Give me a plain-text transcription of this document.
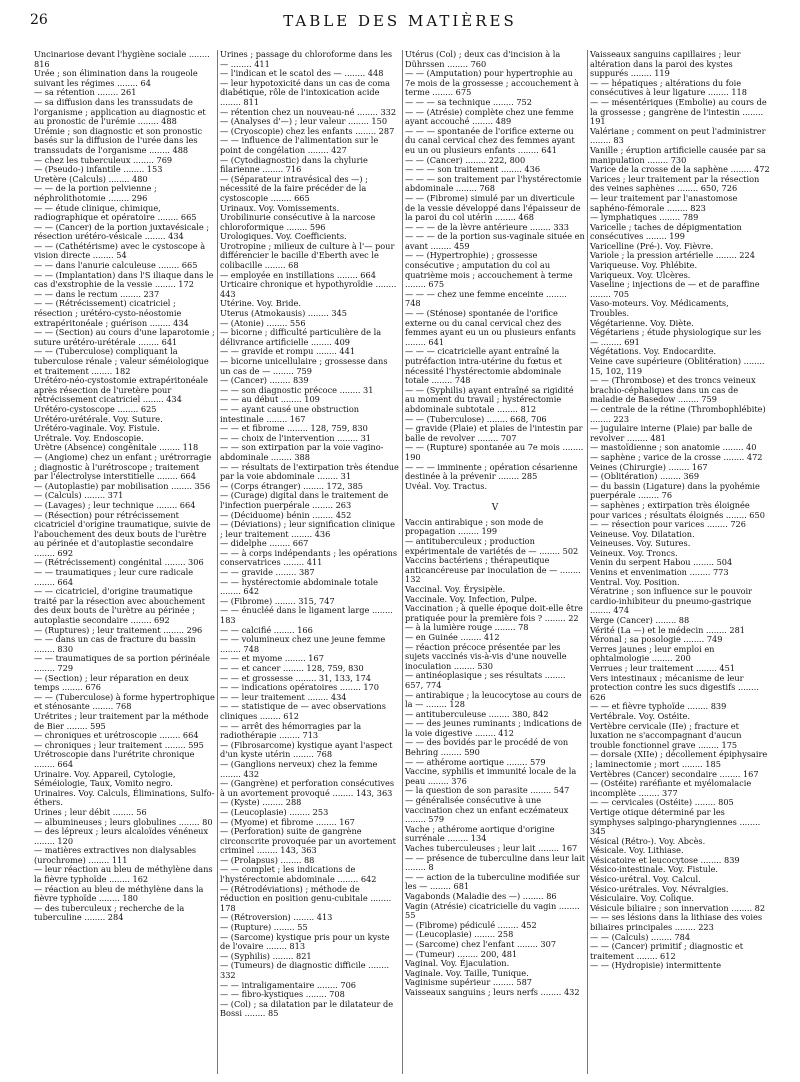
26	TABLE DES MATIÈRES
Uncinariose devant l'hygiène sociale ........ 816
Urée ; son élimination dans la rougeole suivant les régimes ........ 64
— sa rétention ........ 261
— sa diffusion dans les transsudats de l'organisme ; application au diagnostic et au pronostic de l'urémie ........ 488
Urémie ; son diagnostic et son pronostic basés sur la diffusion de l'urée dans les transsudats de l'organisme ........ 488
— chez les tuberculeux ........ 769
— (Pseudo-) infantile ........ 153
Uretère (Calculs) ........ 480
— — de la portion pelvienne ; néphrolithotomie ........ 296
— — étude clinique, chimique, radiographique et opératoire ........ 665
— — (Cancer) de la portion juxtavésicale ; résection urétéro-vésicale ........ 434
— — (Cathétérisme) avec le cystoscope à vision directe ........ 54
— — dans l'anurie calculeuse ........ 665
— — (Implantation) dans l'S iliaque dans le cas d'exstrophie de la vessie ........ 172
— — dans le rectum ........ 237
— — (Rétrécissement) cicatriciel ; résection ; urétéro-cysto-néostomie extrapéritonéale ; guérison ........ 434
— — (Section) au cours d'une laparotomie ; suture urétéro-urétérale ........ 641
— — (Tuberculose) compliquant la tuberculose rénale ; valeur séméiologique et traitement ........ 182
Urétéro-néo-cystostomie extrapéritonéale après résection de l'uretère pour rétrécissement cicatriciel ........ 434
Urétéro-cystoscope ........ 625
Urétéro-urétérale. Voy. Suture.
Urétéro-vaginale. Voy. Fistule.
Urétrale. Voy. Endoscopie.
Urètre (Absence) congénitale ........ 118
— (Angiome) chez un enfant ; urétrorragie ; diagnostic à l'urétroscope ; traitement par l'électrolyse interstitielle ........ 664
— (Autoplastie) par mobilisation ........ 356
— (Calculs) ........ 371
— (Lavages) ; leur technique ........ 664
— (Résection) pour rétrécissement cicatriciel d'origine traumatique, suivie de l'abouchement des deux bouts de l'urètre au périnée et d'autoplastie secondaire ........ 692
— (Rétrécissement) congénital ........ 306
— — traumatiques ; leur cure radicale ........ 664
— — cicatriciel, d'origine traumatique traité par la résection avec abouchement des deux bouts de l'urètre au périnée ; autoplastie secondaire ........ 692
— (Ruptures) ; leur traitement ........ 296
— — dans un cas de fracture du bassin ........ 830
— — traumatiques de sa portion périnéale ........ 729
— (Section) ; leur réparation en deux temps ........ 676
— — (Tuberculose) à forme hypertrophique et sténosante ........ 768
Urétrites ; leur traitement par la méthode de Bier ........ 595
— chroniques et urétroscopie ........ 664
— chroniques ; leur traitement ........ 595
Urétroscopie dans l'urétrite chronique ........ 664
Urinaire. Voy. Appareil, Cytologie, Séméiologie, Taux, Vomito negro.
Urinaires. Voy. Calculs, Éliminations, Sulfo-éthers.
Urines ; leur débit ........ 56
— albumineuses ; leurs globulines ........ 80
— des lépreux ; leurs alcaloïdes vénéneux ........ 120
— matières extractives non dialysables (urochrome) ........ 111
— leur réaction au bleu de méthylène dans la fièvre typhoïde ........ 162
— réaction au bleu de méthylène dans la fièvre typhoïde ........ 180
— des tuberculeux ; recherche de la tuberculine ........ 284
Urines ; passage du chloroforme dans les — ........ 411
— l'indican et le scatol des — ........ 448
— leur hypotoxicité dans un cas de coma diabétique, rôle de l'intoxication acide ........ 811
— rétention chez un nouveau-né ........ 332
— (Analyses d'—) ; leur valeur ........ 150
— (Cryoscopie) chez les enfants ........ 287
— — influence de l'alimentation sur le point de congélation ........ 427
— (Cytodiagnostic) dans la chylurie filarienne ........ 716
— (Séparateur intravésical des —) ; nécessité de la faire précéder de la cystoscopie ........ 665
Urinaux. Voy. Vomissements.
Urobilinurie consécutive à la narcose chloroformique ........ 596
Urologiques. Voy. Coefficients.
Urotropine ; milieux de culture à l'— pour différencier le bacille d'Eberth avec le colibacille ........ 68
— employée en instillations ........ 664
Urticaire chronique et hypothyroïdie ........ 443
Utérine. Voy. Bride.
Uterus (Atmokausis) ........ 345
— (Atonie) ........ 556
— bicorne ; difficulté particulière de la délivrance artificielle ........ 409
— — gravide et rompu ........ 441
— bicorne unicellulaire ; grossesse dans un cas de — ........ 759
— (Cancer) ........ 839
— — son diagnostic précoce ........ 31
— — au début ........ 109
— — ayant causé une obstruction intestinale ........ 167
— — et fibrome ........ 128, 759, 830
— — choix de l'intervention ........ 31
— — son extirpation par la voie vagino-abdominale ........ 388
— — résultats de l'extirpation très étendue par la voie abdominale ........ 31
— (Corps étranger) ........ 172, 385
— (Curage) digital dans le traitement de l'infection puerpérale ........ 263
— (Déciduome) bénin ........ 452
— (Déviations) ; leur signification clinique ; leur traitement ........ 436
— didelphe ........ 667
— — à corps indépendants ; les opérations conservatrices ........ 411
— — gravide ........ 387
— — hystérectomie abdominale totale ........ 642
— (Fibrome) ........ 315, 747
— — énucléé dans le ligament large ........ 183
— — calcifié ........ 166
— — volumineux chez une jeune femme ........ 748
— — et myome ........ 167
— — et cancer ........ 128, 759, 830
— — et grossesse ........ 31, 133, 174
— — indications opératoires ........ 170
— — leur traitement ........ 434
— — statistique de — avec observations cliniques ........ 612
— — arrêt des hémorragies par la radiothérapie ........ 713
— (Fibrosarcome) kystique ayant l'aspect d'un kyste utérin ........ 768
— (Ganglions nerveux) chez la femme ........ 432
— (Gangrène) et perforation consécutives à un avortement provoqué ........ 143, 363
— (Kyste) ........ 288
— (Leucoplasie) ........ 253
— (Myome) et fibrome ........ 167
— (Perforation) suite de gangrène circonscrite provoquée par un avortement criminel ........ 143, 363
— (Prolapsus) ........ 88
— — complet ; les indications de l'hystérectomie abdominale ........ 642
— (Rétrodéviations) ; méthode de réduction en position genu-cubitale ........ 178
— (Rétroversion) ........ 413
— (Rupture) ........ 55
— (Sarcome) kystique pris pour un kyste de l'ovaire ........ 813
— (Syphilis) ........ 821
— (Tumeurs) de diagnostic difficile ........ 332
— — intraligamentaire ........ 706
— — fibro-kystiques ........ 708
— (Col) ; sa dilatation par le dilatateur de Bossi ........ 85
Utérus (Col) ; deux cas d'incision à la Dührssen ........ 760
— — (Amputation) pour hypertrophie au 7e mois de la grossesse ; accouchement à terme ........ 675
— — — sa technique ........ 752
— — (Atrésie) complète chez une femme ayant accouché ........ 489
— — — spontanée de l'orifice externe ou du canal cervical chez des femmes ayant eu un ou plusieurs enfants ........ 641
— — (Cancer) ........ 222, 800
— — — son traitement ........ 436
— — — son traitement par l'hystérectomie abdominale ........ 768
— — (Fibrome) simulé par un diverticule de la vessie développé dans l'épaisseur de la paroi du col utérin ........ 468
— — — de la lèvre antérieure ........ 333
— — — de la portion sus-vaginale située en avant ........ 459
— — (Hypertrophie) ; grossesse consécutive ; amputation du col au quatrième mois ; accouchement à terme ........ 675
— — — chez une femme enceinte ........ 748
— — (Sténose) spontanée de l'orifice externe ou du canal cervical chez des femmes ayant eu un ou plusieurs enfants ........ 641
— — — cicatricielle ayant entraîné la putréfaction intra-utérine du fœtus et nécessité l'hystérectomie abdominale totale ........ 748
— — (Syphilis) ayant entraîné sa rigidité au moment du travail ; hystérectomie abdominale subtotale ........ 812
— — (Tuberculose) ........ 668, 706
— gravide (Plaie) et plaies de l'intestin par balle de revolver ........ 707
— — (Rupture) spontanée au 7e mois ........ 190
— — — imminente ; opération césarienne destinée à la prévenir ........ 285
Uvéal. Voy. Tractus.
V
Vaccin antirabique ; son mode de propagation ........ 199
— antituberculeux ; production expérimentale de variétés de — ........ 502
Vaccins bactériens ; thérapeutique anticancéreuse par inoculation de — ........ 132
Vaccinal. Voy. Érysipèle.
Vaccinale. Voy. Infection, Pulpe.
Vaccination ; à quelle époque doit-elle être pratiquée pour la première fois ? ........ 22
— à la lumière rouge ........ 78
— en Guinée ........ 412
— réaction précoce présentée par les sujets vaccinés vis-à-vis d'une nouvelle inoculation ........ 530
— antinéoplasique ; ses résultats ........ 657, 774
— antirabique ; la leucocytose au cours de la — ........ 128
— antituberculeuse ........ 380, 842
— — des jeunes ruminants ; indications de la voie digestive ........ 412
— — des bovidés par le procédé de von Behring ........ 590
— — athérome aortique ........ 579
Vaccine, syphilis et immunité locale de la peau ........ 376
— la question de son parasite ........ 547
— généralisée consécutive à une vaccination chez un enfant eczémateux ........ 579
Vache ; athérome aortique d'origine surrénale ........ 134
Vaches tuberculeuses ; leur lait ........ 167
— — présence de tuberculine dans leur lait ........ 8
— — action de la tuberculine modifiée sur les — ........ 681
Vagabonds (Maladie des —) ........ 86
Vagin (Atrésie) cicatricielle du vagin ........ 55
— (Fibrome) pédiculé ........ 452
— (Leucoplasie) ........ 258
— (Sarcome) chez l'enfant ........ 307
— (Tumeur) ........ 200, 481
Vaginal. Voy. Éjaculation.
Vaginale. Voy. Taille, Tunique.
Vaginisme supérieur ........ 587
Vaisseaux sanguins ; leurs nerfs ........ 432
Vaisseaux sanguins capillaires ; leur altération dans la paroi des kystes suppurés ........ 119
— — hépatiques ; altérations du foie consécutives à leur ligature ........ 118
— — mésentériques (Embolie) au cours de la grossesse ; gangrène de l'intestin ........ 191
Valériane ; comment on peut l'administrer ........ 83
Vanille ; éruption artificielle causée par sa manipulation ........ 730
Varice de la crosse de la saphène ........ 472
Varices ; leur traitement par la résection des veines saphènes ........ 650, 726
— leur traitement par l'anastomose saphéno-fémorale ........ 823
— lymphatiques ........ 789
Varicelle ; taches de dépigmentation consécutives ........ 199
Varicelline (Pré-). Voy. Fièvre.
Variole ; la pression artérielle ........ 224
Variqueuse. Voy. Phlébite.
Variqueux. Voy. Ulcères.
Vaseline ; injections de — et de paraffine ........ 705
Vaso-moteurs. Voy. Médicaments, Troubles.
Végétarienne. Voy. Diète.
Végétariens ; étude physiologique sur les — ........ 691
Végétations. Voy. Endocardite.
Veine cave supérieure (Oblitération) ........ 15, 102, 119
— — (Thrombose) et des troncs veineux brachio-céphaliques dans un cas de maladie de Basedow ........ 759
— centrale de la rétine (Thrombophlébite) ........ 223
— jugulaire interne (Plaie) par balle de revolver ........ 481
— mastoïdienne ; son anatomie ........ 40
— saphène ; varice de la crosse ........ 472
Veines (Chirurgie) ........ 167
— (Oblitération) ........ 369
— du bassin (Ligature) dans la pyohémie puerpérale ........ 76
— saphènes ; extirpation très éloignée pour varices ; résultats éloignés ........ 650
— — résection pour varices ........ 726
Veineuse. Voy. Dilatation.
Veineuses. Voy. Sutures.
Veineux. Voy. Troncs.
Venin du serpent Habou ........ 504
Venins et envenimation ........ 773
Ventral. Voy. Position.
Vératrine ; son influence sur le pouvoir cardio-inhibiteur du pneumo-gastrique ........ 474
Verge (Cancer) ........ 88
Vérité (La —) et le médecin ........ 281
Véronal ; sa posologie ........ 749
Verres jaunes ; leur emploi en ophtalmologie ........ 200
Verrues ; leur traitement ........ 451
Vers intestinaux ; mécanisme de leur protection contre les sucs digestifs ........ 626
— — et fièvre typhoïde ........ 839
Vertébrale. Voy. Ostéite.
Vertèbre cervicale (IIe) ; fracture et luxation ne s'accompagnant d'aucun trouble fonctionnel grave ........ 175
— dorsale (XIIe) ; décollement épiphysaire ; laminectomie ; mort ........ 185
Vertèbres (Cancer) secondaire ........ 167
— (Ostéite) raréfiante et myélomalacie incomplète ........ 377
— — cervicales (Ostéite) ........ 805
Vertige otique déterminé par les symphyses salpingo-pharyngiennes ........ 345
Vésical (Rétro-). Voy. Abcès.
Vésicale. Voy. Lithiase.
Vésicatoire et leucocytose ........ 839
Vésico-intestinale. Voy. Fistule.
Vésico-urétral. Voy. Calcul.
Vésico-urétrales. Voy. Névralgies.
Vésiculaire. Voy. Colique.
Vésicule biliaire ; son innervation ........ 82
— — ses lésions dans la lithiase des voies biliaires principales ........ 223
— — (Calculs) ........ 784
— — (Cancer) primitif ; diagnostic et traitement ........ 612
— — (Hydropisie) intermittente
